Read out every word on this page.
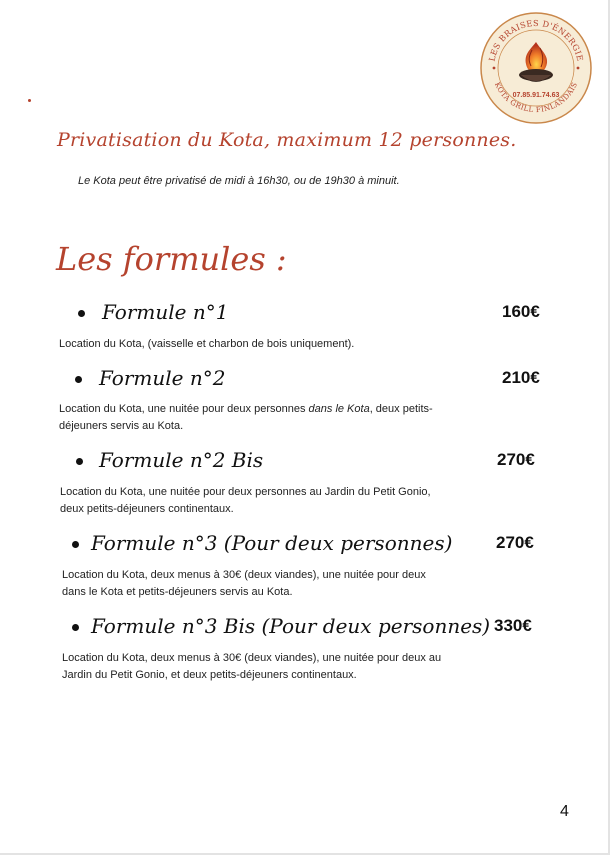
LES BRAISES D'ÉNERGIE
KOTA GRILL FINLANDAIS
07.85.91.74.63
Privatisation du Kota, maximum 12 personnes.
Le Kota peut être privatisé de midi à 16h30, ou de 19h30 à minuit.
Les formules :
Formule n°1	160€
Location du Kota, (vaisselle et charbon de bois uniquement).
Formule n°2	210€
Location du Kota, une nuitée pour deux personnes dans le Kota, deux petits-
déjeuners servis au Kota.
Formule n°2 Bis	270€
Location du Kota, une nuitée pour deux personnes au Jardin du Petit Gonio,
deux petits-déjeuners continentaux.
Formule n°3 (Pour deux personnes)	270€
Location du Kota, deux menus à 30€ (deux viandes), une nuitée pour deux
dans le Kota et petits-déjeuners servis au Kota.
Formule n°3 Bis (Pour deux personnes) 330€
Location du Kota, deux menus à 30€ (deux viandes), une nuitée pour deux au
Jardin du Petit Gonio, et deux petits-déjeuners continentaux.
4
